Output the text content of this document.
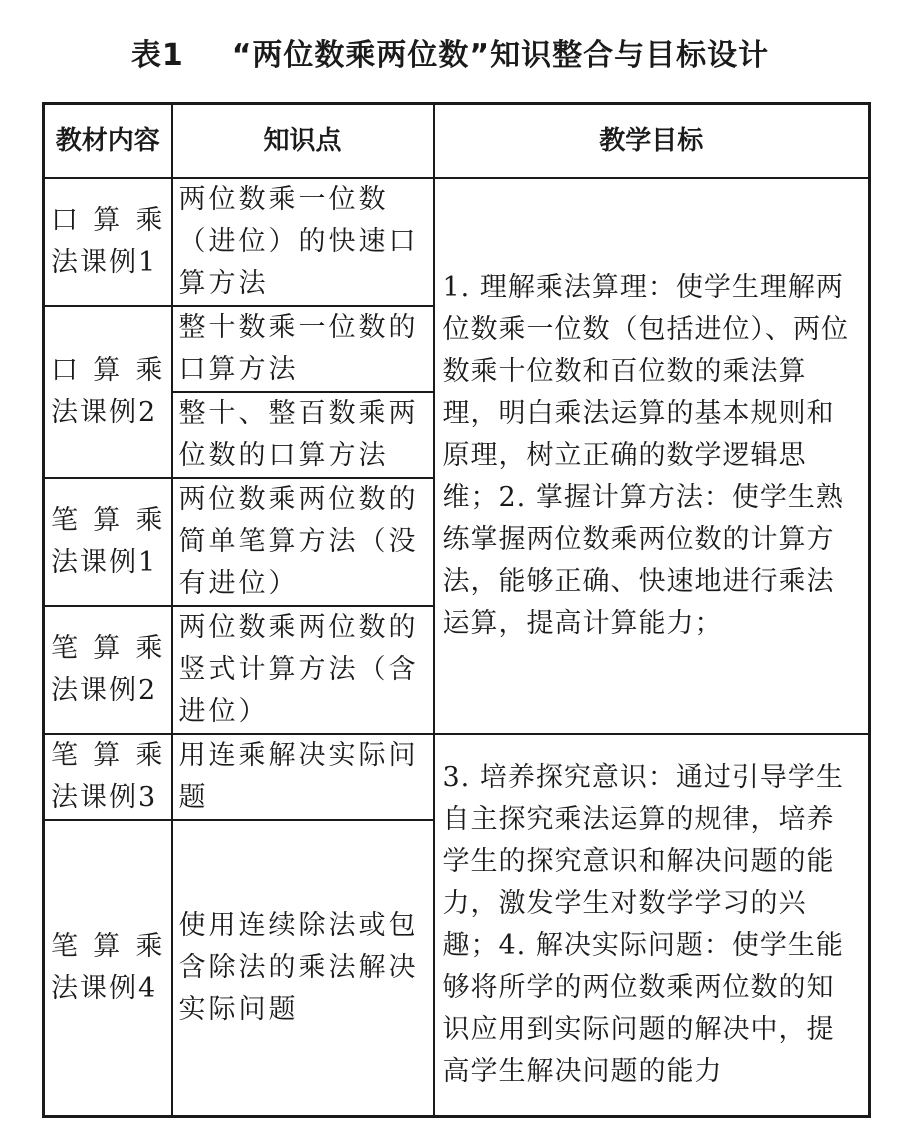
表1 “两位数乘两位数”知识整合与目标设计
教材内容	知识点	教学目标

口算乘法课例1	两位数乘一位数（进位）的快速口算方法	1. 理解乘法算理：使学生理解两位数乘一位数（包括进位）、两位数乘十位数和百位数的乘法算理，明白乘法运算的基本规则和原理，树立正确的数学逻辑思维；2. 掌握计算方法：使学生熟练掌握两位数乘两位数的计算方法，能够正确、快速地进行乘法运算，提高计算能力；

口算乘法课例2	整十数乘一位数的口算方法	

	整十、整百数乘两位数的口算方法	

笔算乘法课例1	两位数乘两位数的简单笔算方法（没有进位）	

笔算乘法课例2	两位数乘两位数的竖式计算方法（含进位）	

笔算乘法课例3	用连乘解决实际问题	3. 培养探究意识：通过引导学生自主探究乘法运算的规律，培养学生的探究意识和解决问题的能力，激发学生对数学学习的兴趣；4. 解决实际问题：使学生能够将所学的两位数乘两位数的知识应用到实际问题的解决中，提高学生解决问题的能力

笔算乘法课例4	使用连续除法或包含除法的乘法解决实际问题	
